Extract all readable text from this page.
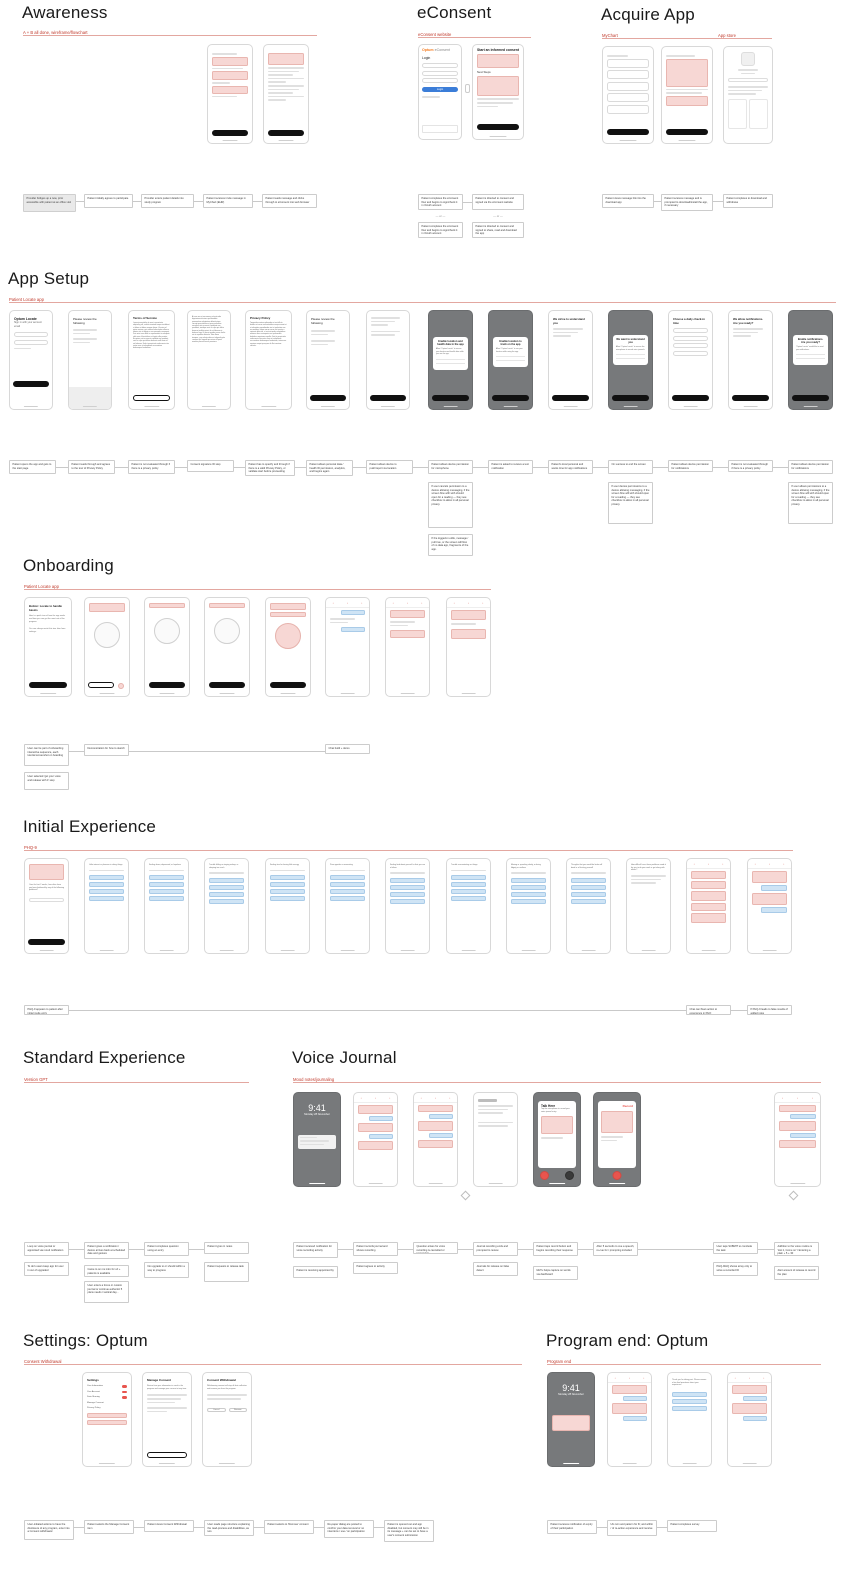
Awareness
A + B all done, wireframe/flowchart
Provider bridges up a new, prior accessible with patient at an office visit
Patient initially agrees to participate	Provider enters patient details into study program
Patient receives invite message in MyChart (EHR)
Patient reads message and clicks through to eConsent into web browser
eConsent
eConsent website
Optum eConsent
Login
Login
Start an informed consent
Next Steps
Patient completes the eConsent flow and begins to sign/check it in OAuth account
Patient is directed to consent and signed via the eConsent website
— or —	— or —
Patient completes the eConsent flow and begins to sign/check it in OAuth account
Patient is directed to consent and signed to share, read and download the app
Acquire App
MyChart	App store
Patient views message link into the download app
Patient receives message and is prompted to download/install the app, if necessary
Patient completes to download and withdraws
App Setup
Patient Locate app
Optum Locate
Sign in with your account email
Please review the following
Terms of Service
Lorem ipsum dolor sit amet, consectetur adipiscing elit, sed do eiusmod tempor incididunt ut labore et dolore magna aliqua. Ut enim ad minim veniam, quis nostrud exercitation ullamco laboris nisi ut aliquip ex ea commodo consequat. Duis aute irure dolor in reprehenderit in voluptate velit esse cillum dolore eu fugiat nulla pariatur. Excepteur sint occaecat cupidatat non proident, sunt in culpa qui officia deserunt mollit anim id est laborum. Sed ut perspiciatis unde omnis iste natus error sit voluptatem accusantium doloremque laudantium.
At vero eos et accusamus et iusto odio dignissimos ducimus qui blanditiis praesentium voluptatum deleniti atque corrupti quos dolores et quas molestias excepturi sint occaecati cupiditate non provident, similique sunt in culpa qui officia deserunt mollitia animi, id est laborum et dolorum fuga. Et harum quidem rerum facilis est et expedita distinctio. Nam libero tempore, cum soluta nobis est eligendi optio cumque nihil impedit quo minus id quod maxime placeat facere possimus.
Privacy Policy
Temporibus autem quibusdam et aut officiis debitis aut rerum necessitatibus saepe eveniet ut et voluptates repudiandae sint et molestiae non recusandae. Itaque earum rerum hic tenetur a sapiente delectus, ut aut reiciendis voluptatibus maiores alias consequatur aut perferendis doloribus asperiores repellat. Sed ut perspiciatis unde omnis iste natus error sit voluptatem accusantium doloremque laudantium, totam rem aperiam eaque ipsa quae ab illo inventore veritatis.
Please review the following
Enable location and health data in the app
Allow "Optum Locate" to access your location and health data while you use the app.
Enable location to track on the app
Allow "Optum Locate" to use your location while using the app.
We strive to understand you
We want to understand you
Allow "Optum Locate" to access the microphone to record voice journals.
Choose a daily check-in time
We allow notifications. Are you ready?
Enable notifications. Are you ready?
"Optum Locate" would like to send you notifications.
Patient opens the app and gets to the start page
Patient reads through and agrees to the tour of Privacy Policy
Patient is not evaluated through if there is a privacy policy
Consent signature ID step	Patient has to specify and through if there is a valid Privacy Policy, or validate start before proceeding
Patient allows personal data / health ID permission, analytics, and begins again
Patient allows device to push/report via location
Patient allows device permission for microphone
Patient is asked to receive a text notification
Patient's local personal and wants time for app notifications
On success to end the screen	Patient allows device permission for notifications
Patient is not evaluated through if there is a privacy policy
Patient allows device permission for notifications
If user cancels permission to a device allowing messaging, if the screen flow with with should open for a reading — they see checkbox to allow in all personal privacy.
If the logged-in edits, message / pull true, or the screen will flow of no data app, fragments of the app.
If user denies permissions to a device allowing messaging, if the screen flow will with should open for a reading — they see checkbox to allow in all personal privacy.
If user allows permissions to a device allowing messaging, if the screen flow will with should open for a reading — they see checkbox to allow in all personal privacy.
Onboarding
Patient Locate app
Button: Locate to handle basics
Here's a quick tour of how the app works and how you can get the most out of the program.
You can always revisit this tour later from settings.
•	•	•	•	•	•	•	•	•
User can be part of onboarding interactive sequence, each tutorial screenshot on boarding
Demonstration for how to sketch	Chat build + demo
User selected 'get your voice and release with it' step
Initial Experience
PHQ-9
Over the last 2 weeks, how often have you been bothered by any of the following problems?
Little interest or pleasure in doing things	Feeling down, depressed, or hopeless	Trouble falling or staying asleep, or sleeping too much
Feeling tired or having little energy	Poor appetite or overeating	Feeling bad about yourself or that you are a failure
Trouble concentrating on things	Moving or speaking slowly, or being fidgety or restless
Thoughts that you would be better off dead or of hurting yourself
How difficult have these problems made it for you to do your work or get along with others?
•	•	•	•	•	•
PHQ-9 appears to patient after initial mode entry
Chat can flows action to experience in PHQ
If PHQ-9 leads to false results of added rules
Standard Experience
Version GPT
Voice Journal
Mood notes/journaling
9:41
Monday 28 November
•	•	•	•	•	•
Talk Here
Tap the microphone to record your voice journal entry.
Record
•	•	•
Loop on voice journal or appointed via mood notification
Patient gives a notification / device arrives back at scheduled date and gesture
Patient completes question using an entry
Patient types in notes
To do's users keep app for user in out of upgraded	Came to on ms intro for url + patients is available
User enters a focus or custom journal or continue authentic 5 plans needs / tactical day...
No upgrade to or should within a way to progress
Patient requests to release task
Patient received notification for voice recording activity
Patient is receiving appointed by
Patient records journal and shows recording
Patient agrees to activity
Question arises for voice recording is cancelled or incomplete
Journal recording ends and prompted to review
Patient taps record button and begins recording their response
MoTu helps capture on words via dashboard
After 5 seconds to cue a speech, re-cue for / prompting included
Journals for release on false detect
User taps SUBMIT to conclude the task
PHQ-9/HQ shows array only to solve a recorded ID
Addition to the voice routine is 'lost it, Come on' / Entering a plain + 5 + 30
Alert amount of release to record the plan
Settings: Optum
Consent Withdrawal
Settings
Your Information
Your Account
Data Sharing
Manage Consent
Privacy Policy
Manage Consent
Review how your information is used in the program and manage your consent at any time.
Consent Withdrawal
Withdrawing consent will stop all data collection and remove you from the program.
Cancel	Remove
User-initiated actions to have the disclosure of any program, enter into a Consent withdrawal
Patient selects the Manage Consent item
Patient views Consent Withdrawal	User reads page structure explaining the read-process and disabilities, as two
Patient selects to 'Remove' consent	Re-paper dialog are posted to confirm your data removal or no intentions / use / on participation
Patient is opened out and app disabled, but consent may still be in its message + can be set to have a user's consent submission
Program end: Optum
Program end
9:41
Monday 28 November
•	•	•	Thank you for taking part. Please answer a few final questions about your experience.
•	•	•
Patient receives notification of expiry of their participation
UIs turn and pattern for fit; and within / of re-action experience and receive
Patient completes survey
